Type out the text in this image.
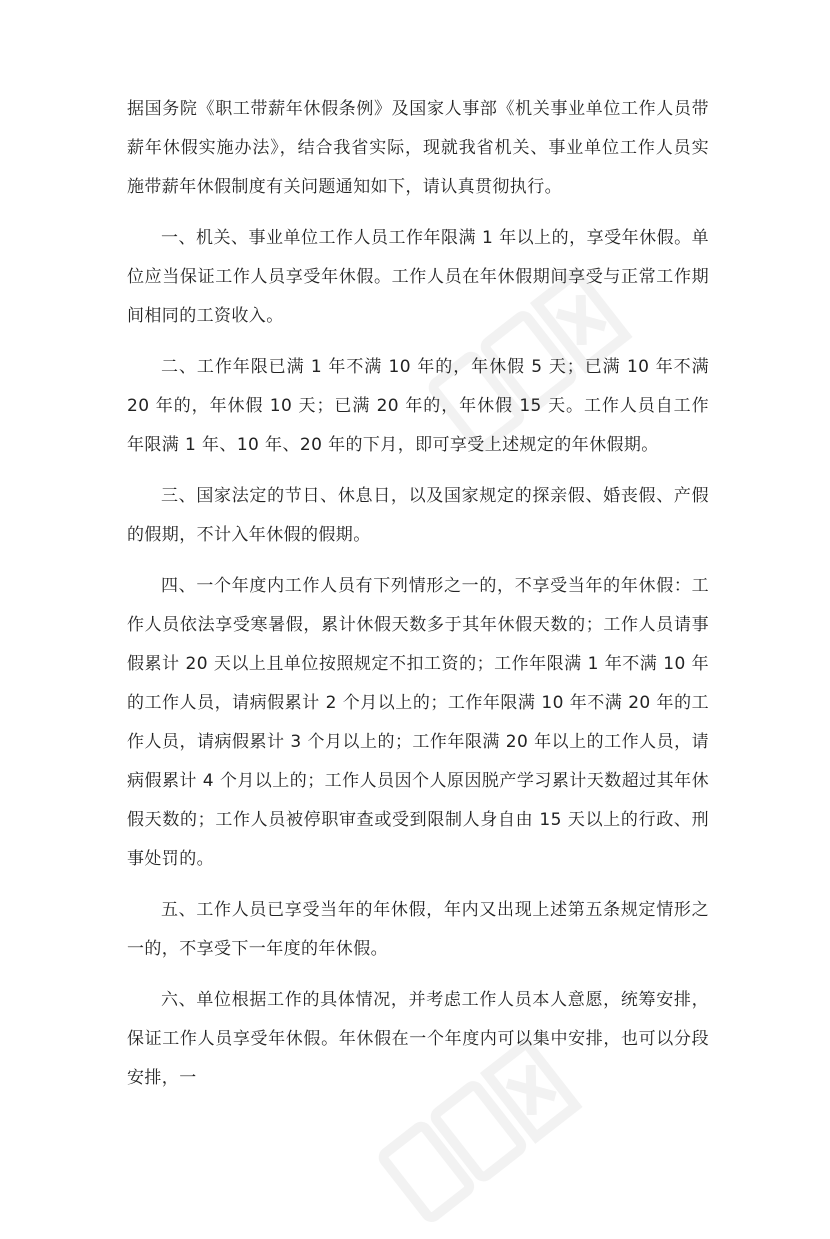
据国务院《职工带薪年休假条例》及国家人事部《机关事业单位工作人员带薪年休假实施办法》，结合我省实际，现就我省机关、事业单位工作人员实施带薪年休假制度有关问题通知如下，请认真贯彻执行。

一、机关、事业单位工作人员工作年限满 1 年以上的，享受年休假。单位应当保证工作人员享受年休假。工作人员在年休假期间享受与正常工作期间相同的工资收入。

二、工作年限已满 1 年不满 10 年的，年休假 5 天；已满 10 年不满 20 年的，年休假 10 天；已满 20 年的，年休假 15 天。工作人员自工作年限满 1 年、10 年、20 年的下月，即可享受上述规定的年休假期。

三、国家法定的节日、休息日，以及国家规定的探亲假、婚丧假、产假的假期，不计入年休假的假期。

四、一个年度内工作人员有下列情形之一的，不享受当年的年休假：工作人员依法享受寒暑假，累计休假天数多于其年休假天数的；工作人员请事假累计 20 天以上且单位按照规定不扣工资的；工作年限满 1 年不满 10 年的工作人员，请病假累计 2 个月以上的；工作年限满 10 年不满 20 年的工作人员，请病假累计 3 个月以上的；工作年限满 20 年以上的工作人员，请病假累计 4 个月以上的；工作人员因个人原因脱产学习累计天数超过其年休假天数的；工作人员被停职审查或受到限制人身自由 15 天以上的行政、刑事处罚的。

五、工作人员已享受当年的年休假，年内又出现上述第五条规定情形之一的，不享受下一年度的年休假。

六、单位根据工作的具体情况，并考虑工作人员本人意愿，统筹安排，保证工作人员享受年休假。年休假在一个年度内可以集中安排，也可以分段安排，一
